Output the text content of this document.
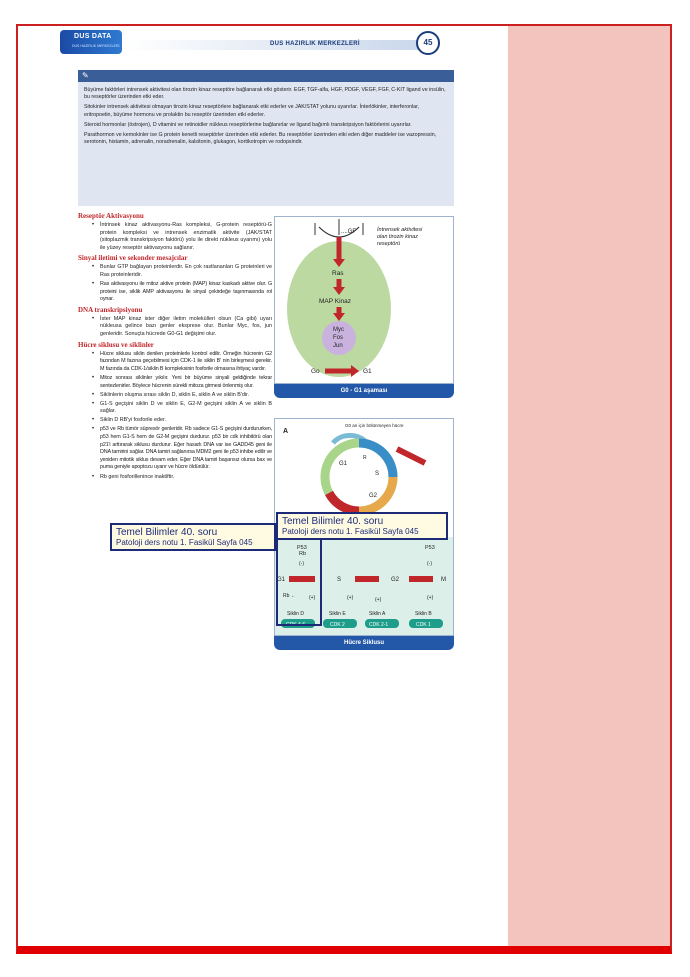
DUS DATA
DUS HAZIRLIK MERKEZLERİ	DUS HAZIRLIK MERKEZLERİ	45
✎

Büyüme faktörleri intrensek aktivitesi olan tirozin kinaz reseptöre bağlanarak etki gösterir. EGF, TGF-alfa, HGF, PDGF, VEGF, FGF, C-KIT ligand ve insülin, bu reseptörler üzerinden etki eder.

Sitokinler intrensek aktivitesi olmayan tirozin kinaz reseptörlere bağlanarak etki ederler ve JAK/STAT yolunu uyarırlar. İnterlökinler, interferonlar, eritropoetin, büyüme hormonu ve prolaktin bu reseptör üzerinden etki ederler.

Steroid hormonlar (östrojen), D vitamini ve retinoidler nükleus reseptörlerine bağlanırlar ve ligand bağımlı transkripsiyon faktörlerini uyarırlar.

Parathormon ve kemokinler ise G protein kenetli reseptörler üzerinden etki ederler. Bu reseptörler üzerinden etki eden diğer maddeler ise vazopressin, serotonin, histamin, adrenalin, noradrenalin, kalsitonin, glukagon, kortikotropin ve rodopsindir.

Reseptör Aktivasyonu
• İntrinsek kinaz aktivasyonu-Ras kompleksi, G-protein reseptörü-G protein kompleksi ve intrensek enzimatik aktivite (JAK/STAT (sitoplazmik transkripsiyon faktörü) yolu ile direkt nükleus uyarımı) yolu ile yüzey reseptör aktivasyonu sağlanır.
Sinyal iletimi ve sekonder mesajcılar
• Bunlar GTP bağlayan proteinlerdir. En çok rastlananları G proteinleri ve Ras proteinleridir.
• Ras aktivasyonu ile mitoz aktive protein (MAP) kinaz kaskadı aktive olur. G proteini ise, siklik AMP aktivasyonu ile sinyal çekirdeğe taşınmasında rol oynar.
DNA transkripsiyonu
• İster MAP kinaz ister diğer iletim molekülleri olsun (Ca gibi) uyarı nükleusa gelince bazı genler eksprese olur. Bunlar Myc, fos, jun genleridir. Sonuçta hücrede G0-G1 değişimi olur.
Hücre siklusu ve siklinler
• Hücre siklusu siklin denilen proteinlerle kontrol edilir. Örneğin hücrenin G2 fazından M fazına geçebilmesi için CDK-1 ile siklin B' nin birleşmesi gerekir. M fazında da CDK-1/siklin B kompleksinin fosforile olmasına ihtiyaç vardır.
• Mitoz sonrası siklinler yıkılır. Yeni bir büyüme sinyali geldiğinde tekrar sentezlenirler. Böylece hücrenin sürekli mitoza girmesi önlenmiş olur.
• Siklinlerin oluşma sırası siklin D, siklin E, siklin A ve siklin B'dir.
• G1-S geçişini siklin D ve siklin E, G2-M geçişini siklin A ve siklin B sağlar.
• Siklin D RB'yi fosforile eder.
• p53 ve Rb tümör süpresör genleridir. Rb sadece G1-S geçişini durdururken, p53 hem G1-S hem de G2-M geçişini durdurur. p53 bir cdk inhibitörü olan p21'i arttırarak siklusu durdurur. Eğer hasarlı DNA var ise GADD45 geni ile DNA tamirini sağlar. DNA tamiri sağlanırsa MDM2 geni ile p53 inhibe edilir ve yeniden mitotik siklus devam eder. Eğer DNA tamiri başarısız olursa bax ve puma geniyle apoptozu uyarır ve hücre öldürülür.
• Rb geni fosforillenince inaktiftir.
....GF
Ras
MAP Kinaz
Myc
Fos
Jun
Go	G1
İntrensek aktivitesi olan tirozin kinaz reseptörü
G0 - G1 aşaması
A
G0 an için bölünmeyen hücre
G1
S
G2
M
R
P53
Rb
P53
(-)	(-)
G1	S	G2	M
Rb ←	(+)	(+)	(+)	(+)
Siklin D	Siklin E	Siklin A	Siklin B
CDK 4-6	CDK 2	CDK 2-1	CDK 1
Hücre Siklusu
Temel Bilimler 40. soru
Patoloji ders notu 1. Fasikül Sayfa 045
Temel Bilimler 40. soru
Patoloji ders notu 1. Fasikül Sayfa 045
